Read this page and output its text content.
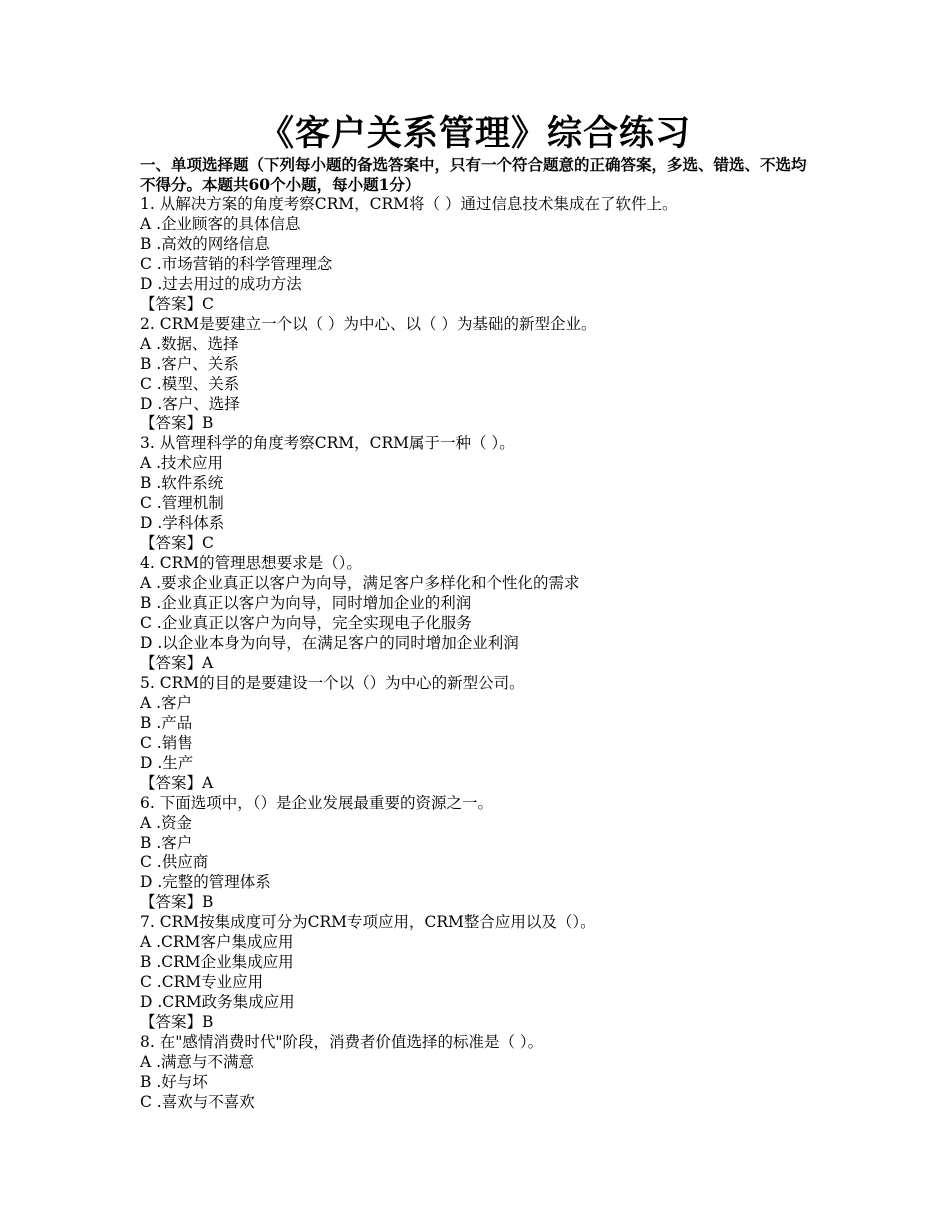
《客户关系管理》综合练习

一、单项选择题（下列每小题的备选答案中，只有一个符合题意的正确答案，多选、错选、不选均不得分。本题共60个小题，每小题1分）

1. 从解决方案的角度考察CRM，CRM将（ ）通过信息技术集成在了软件上。

A .企业顾客的具体信息

B .高效的网络信息

C .市场营销的科学管理理念

D .过去用过的成功方法

【答案】C

2. CRM是要建立一个以（ ）为中心、以（ ）为基础的新型企业。

A .数据、选择

B .客户、关系

C .模型、关系

D .客户、选择

【答案】B

3. 从管理科学的角度考察CRM，CRM属于一种（ ）。

A .技术应用

B .软件系统

C .管理机制

D .学科体系

【答案】C

4. CRM的管理思想要求是（）。

A .要求企业真正以客户为向导，满足客户多样化和个性化的需求

B .企业真正以客户为向导，同时增加企业的利润

C .企业真正以客户为向导，完全实现电子化服务

D .以企业本身为向导，在满足客户的同时增加企业利润

【答案】A

5. CRM的目的是要建设一个以（）为中心的新型公司。

A .客户

B .产品

C .销售

D .生产

【答案】A

6. 下面选项中，（）是企业发展最重要的资源之一。

A .资金

B .客户

C .供应商

D .完整的管理体系

【答案】B

7. CRM按集成度可分为CRM专项应用，CRM整合应用以及（）。

A .CRM客户集成应用

B .CRM企业集成应用

C .CRM专业应用

D .CRM政务集成应用

【答案】B

8. 在"感情消费时代"阶段，消费者价值选择的标准是（ ）。

A .满意与不满意

B .好与坏

C .喜欢与不喜欢
